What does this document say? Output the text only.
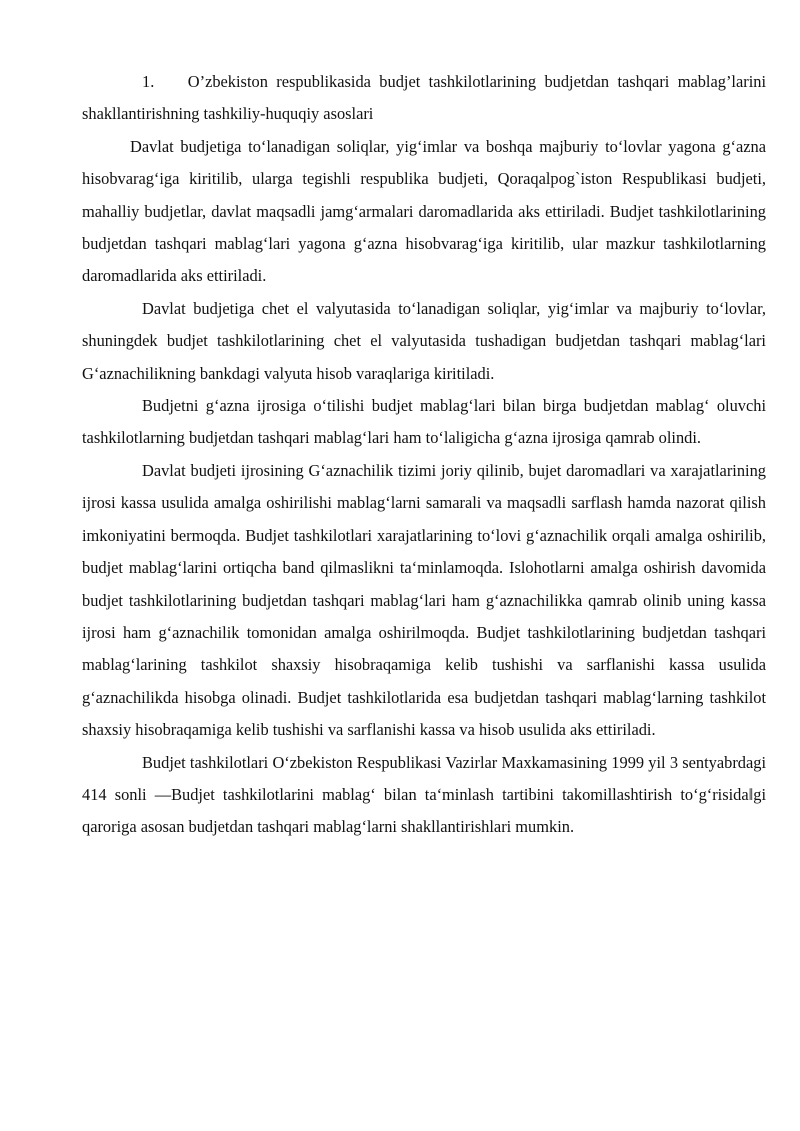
1.    O’zbekiston respublikasida budjet tashkilotlarining budjetdan tashqari mablag’larini shakllantirishning tashkiliy-huquqiy asoslari

Davlat budjetiga to‘lanadigan soliqlar, yig‘imlar va boshqa majburiy to‘lovlar yagona g‘azna hisobvarag‘iga kiritilib, ularga tegishli respublika budjeti, Qoraqalpog`iston Respublikasi budjeti, mahalliy budjetlar, davlat maqsadli jamg‘armalari daromadlarida aks ettiriladi. Budjet tashkilotlarining budjetdan tashqari mablag‘lari yagona g‘azna hisobvarag‘iga kiritilib, ular mazkur tashkilotlarning daromadlarida aks ettiriladi.

Davlat budjetiga chet el valyutasida to‘lanadigan soliqlar, yig‘imlar va majburiy to‘lovlar, shuningdek budjet tashkilotlarining chet el valyutasida tushadigan budjetdan tashqari mablag‘lari G‘aznachilikning bankdagi valyuta hisob varaqlariga kiritiladi.

Budjetni g‘azna ijrosiga o‘tilishi budjet mablag‘lari bilan birga budjetdan mablag‘ oluvchi tashkilotlarning budjetdan tashqari mablag‘lari ham to‘laligicha g‘azna ijrosiga qamrab olindi.

Davlat budjeti ijrosining G‘aznachilik tizimi joriy qilinib, bujet daromadlari va xarajatlarining ijrosi kassa usulida amalga oshirilishi mablag‘larni samarali va maqsadli sarflash hamda nazorat qilish imkoniyatini bermoqda. Budjet tashkilotlari xarajatlarining to‘lovi g‘aznachilik orqali amalga oshirilib, budjet mablag‘larini ortiqcha band qilmaslikni ta‘minlamoqda. Islohotlarni amalga oshirish davomida budjet tashkilotlarining budjetdan tashqari mablag‘lari ham g‘aznachilikka qamrab olinib uning kassa ijrosi ham g‘aznachilik tomonidan amalga oshirilmoqda. Budjet tashkilotlarining budjetdan tashqari mablag‘larining tashkilot shaxsiy hisobraqamiga kelib tushishi va sarflanishi kassa usulida g‘aznachilikda hisobga olinadi. Budjet tashkilotlarida esa budjetdan tashqari mablag‘larning tashkilot shaxsiy hisobraqamiga kelib tushishi va sarflanishi kassa va hisob usulida aks ettiriladi.

Budjet tashkilotlari O‘zbekiston Respublikasi Vazirlar Maxkamasining 1999 yil 3 sentyabrdagi 414 sonli ―Budjet tashkilotlarini mablag‘ bilan ta‘minlash tartibini takomillashtirish to‘g‘risida‖gi qaroriga asosan budjetdan tashqari mablag‘larni shakllantirishlari mumkin.
